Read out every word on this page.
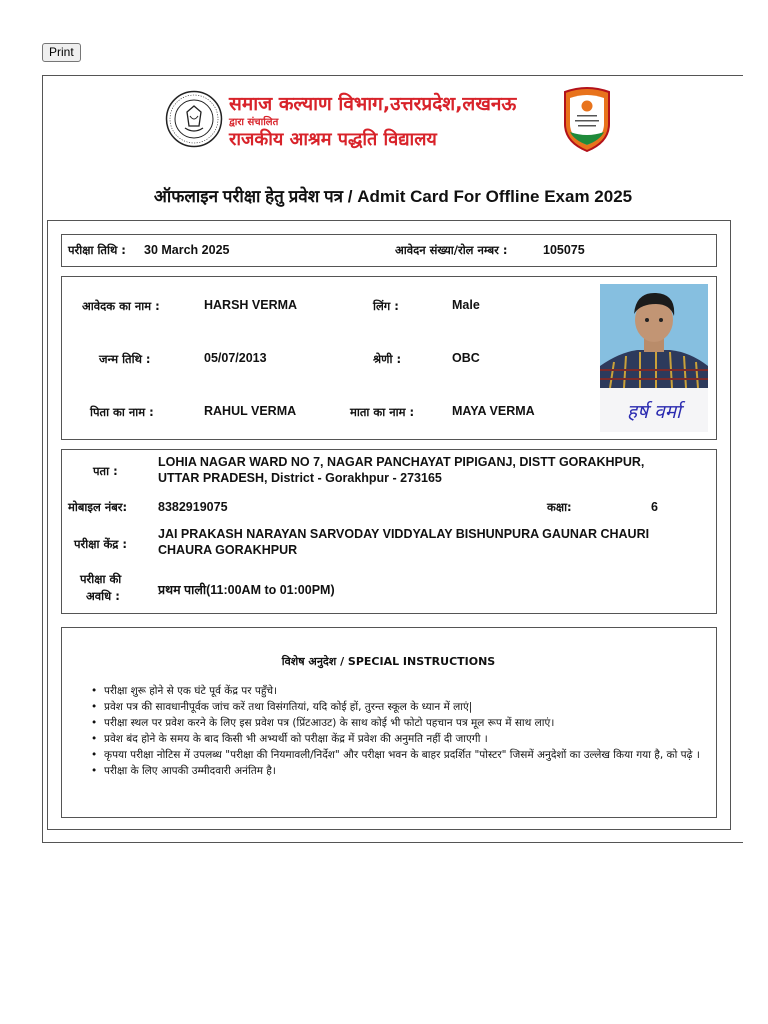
Print
समाज कल्याण विभाग,उत्तरप्रदेश,लखनऊ
द्वारा संचालित
राजकीय आश्रम पद्धति विद्यालय
ऑफलाइन परीक्षा हेतु प्रवेश पत्र / Admit Card For Offline Exam 2025
परीक्षा तिथि : 30 March 2025	आवेदन संख्या/रोल नम्बर :	105075
आवेदक का नाम :	HARSH VERMA	लिंग :	Male
जन्म तिथि :	05/07/2013	श्रेणी :	OBC
पिता का नाम :	RAHUL VERMA	माता का नाम :	MAYA VERMA	हर्ष वर्मा
पता :
LOHIA NAGAR WARD NO 7, NAGAR PANCHAYAT PIPIGANJ, DISTT GORAKHPUR,
UTTAR PRADESH, District - Gorakhpur - 273165
मोबाइल नंबर: 8382919075	कक्षा:	6
परीक्षा केंद्र :
JAI PRAKASH NARAYAN SARVODAY VIDDYALAY BISHUNPURA GAUNAR CHAURI
CHAURA GORAKHPUR
परीक्षा की
अवधि :	प्रथम पाली(11:00AM to 01:00PM)
विशेष अनुदेश / SPECIAL INSTRUCTIONS
• परीक्षा शुरू होने से एक घंटे पूर्व केंद्र पर पहुँचे।
• प्रवेश पत्र की सावधानीपूर्वक जांच करें तथा विसंगतियां, यदि कोई हों, तुरन्त स्कूल के ध्यान में लाएं|
• परीक्षा स्थल पर प्रवेश करने के लिए इस प्रवेश पत्र (प्रिंटआउट) के साथ कोई भी फोटो पहचान पत्र मूल रूप में साथ लाएं।
• प्रवेश बंद होने के समय के बाद किसी भी अभ्यर्थी को परीक्षा केंद्र में प्रवेश की अनुमति नहीं दी जाएगी ।
• कृपया परीक्षा नोटिस में उपलब्ध "परीक्षा की नियमावली/निर्देश" और परीक्षा भवन के बाहर प्रदर्शित "पोस्टर" जिसमें अनुदेशों का उल्लेख किया गया है, को पढ़े ।
• परीक्षा के लिए आपकी उम्मीदवारी अनंतिम है।
